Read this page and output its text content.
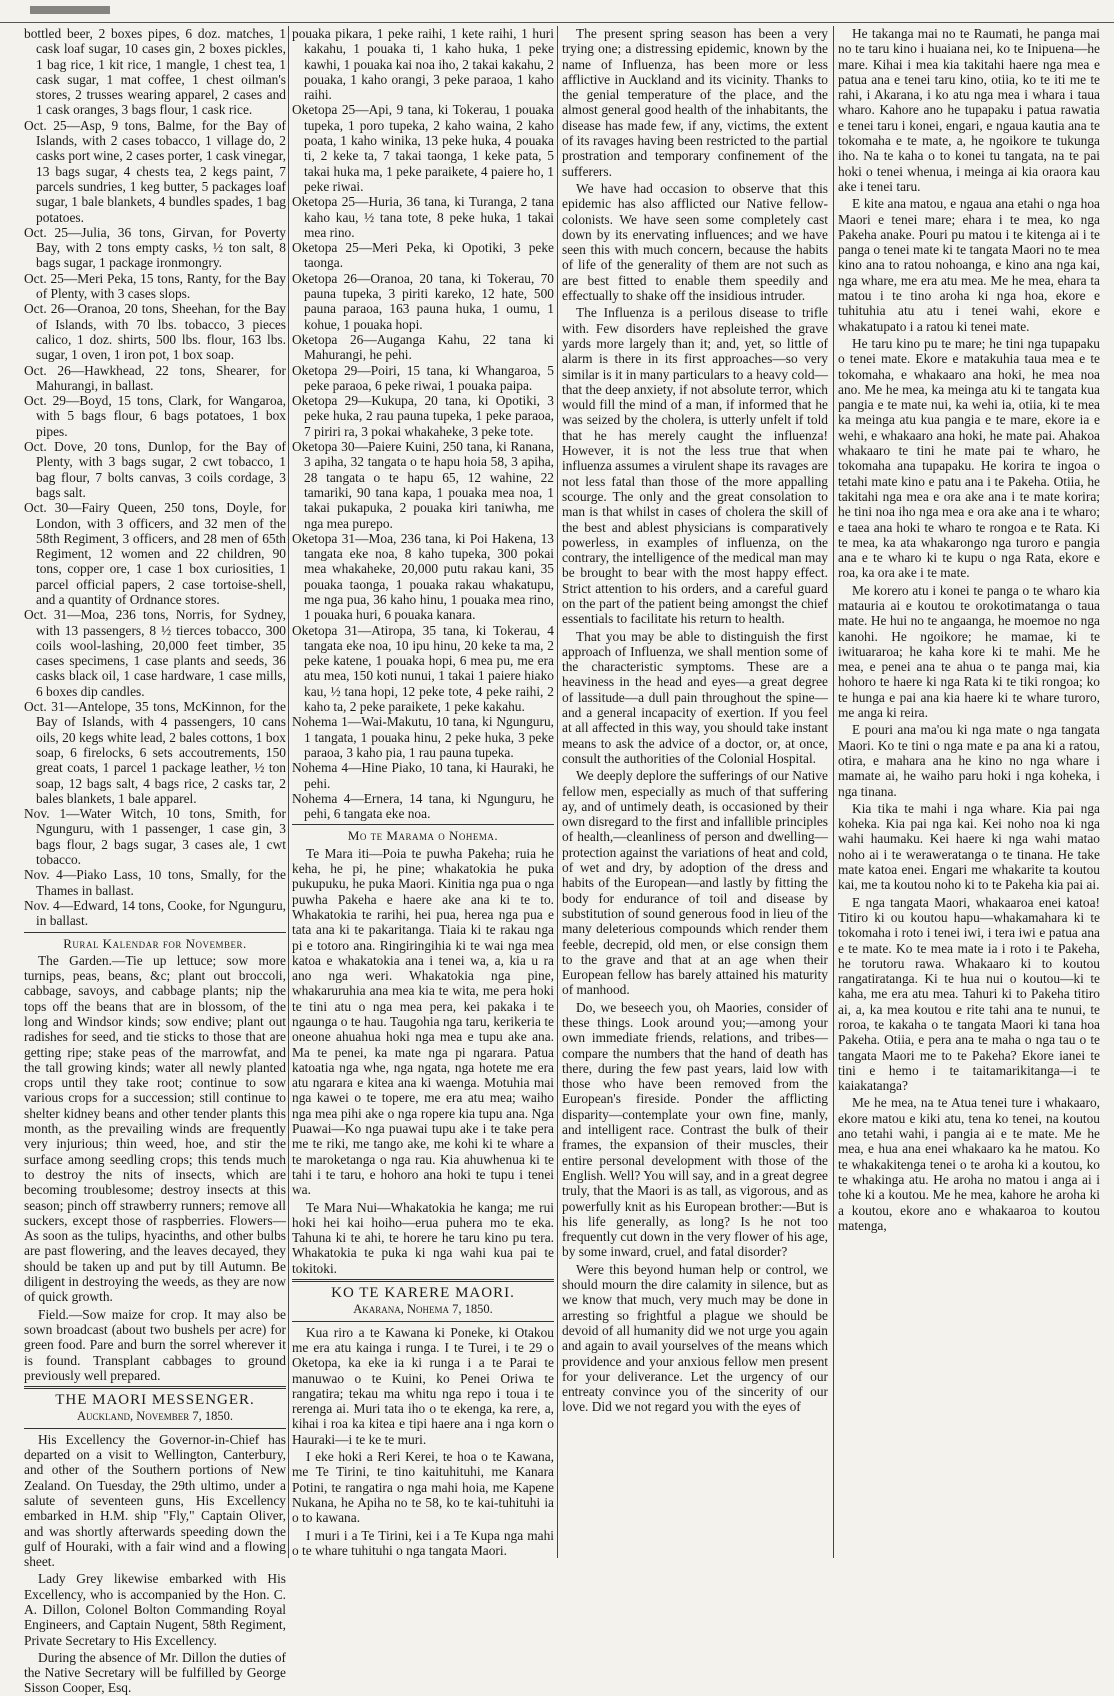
bottled beer, 2 boxes pipes, 6 doz. matches, 1 cask loaf sugar, 10 cases gin, 2 boxes pickles, 1 bag rice, 1 kit rice, 1 mangle, 1 chest tea, 1 cask sugar, 1 mat coffee, 1 chest oilman's stores, 2 trusses wearing apparel, 2 cases and 1 cask oranges, 3 bags flour, 1 cask rice.

Oct. 25—Asp, 9 tons, Balme, for the Bay of Islands, with 2 cases tobacco, 1 village do, 2 casks port wine, 2 cases porter, 1 cask vinegar, 13 bags sugar, 4 chests tea, 2 kegs paint, 7 parcels sundries, 1 keg butter, 5 packages loaf sugar, 1 bale blankets, 4 bundles spades, 1 bag potatoes.

Oct. 25—Julia, 36 tons, Girvan, for Poverty Bay, with 2 tons empty casks, ½ ton salt, 8 bags sugar, 1 package ironmongry.

Oct. 25—Meri Peka, 15 tons, Ranty, for the Bay of Plenty, with 3 cases slops.

Oct. 26—Oranoa, 20 tons, Sheehan, for the Bay of Islands, with 70 lbs. tobacco, 3 pieces calico, 1 doz. shirts, 500 lbs. flour, 163 lbs. sugar, 1 oven, 1 iron pot, 1 box soap.

Oct. 26—Hawkhead, 22 tons, Shearer, for Mahurangi, in ballast.

Oct. 29—Boyd, 15 tons, Clark, for Wangaroa, with 5 bags flour, 6 bags potatoes, 1 box pipes.

Oct. Dove, 20 tons, Dunlop, for the Bay of Plenty, with 3 bags sugar, 2 cwt tobacco, 1 bag flour, 7 bolts canvas, 3 coils cordage, 3 bags salt.

Oct. 30—Fairy Queen, 250 tons, Doyle, for London, with 3 officers, and 32 men of the 58th Regiment, 3 officers, and 28 men of 65th Regiment, 12 women and 22 children, 90 tons, copper ore, 1 case 1 box curiosities, 1 parcel official papers, 2 case tortoise-shell, and a quantity of Ordnance stores.

Oct. 31—Moa, 236 tons, Norris, for Sydney, with 13 passengers, 8 ½ tierces tobacco, 300 coils wool-lashing, 20,000 feet timber, 35 cases specimens, 1 case plants and seeds, 36 casks black oil, 1 case hardware, 1 case mills, 6 boxes dip candles.

Oct. 31—Antelope, 35 tons, McKinnon, for the Bay of Islands, with 4 passengers, 10 cans oils, 20 kegs white lead, 2 bales cottons, 1 box soap, 6 firelocks, 6 sets accoutrements, 150 great coats, 1 parcel 1 package leather, ½ ton soap, 12 bags salt, 4 bags rice, 2 casks tar, 2 bales blankets, 1 bale apparel.

Nov. 1—Water Witch, 10 tons, Smith, for Ngunguru, with 1 passenger, 1 case gin, 3 bags flour, 2 bags sugar, 3 cases ale, 1 cwt tobacco.

Nov. 4—Piako Lass, 10 tons, Smally, for the Thames in ballast.

Nov. 4—Edward, 14 tons, Cooke, for Ngunguru, in ballast.

Rural Kalendar for November.

The Garden.—Tie up lettuce; sow more turnips, peas, beans, &c; plant out broccoli, cabbage, savoys, and cabbage plants; nip the tops off the beans that are in blossom, of the long and Windsor kinds; sow endive; plant out radishes for seed, and tie sticks to those that are getting ripe; stake peas of the marrowfat, and the tall growing kinds; water all newly planted crops until they take root; continue to sow various crops for a succession; still continue to shelter kidney beans and other tender plants this month, as the prevailing winds are frequently very injurious; thin weed, hoe, and stir the surface among seedling crops; this tends much to destroy the nits of insects, which are becoming troublesome; destroy insects at this season; pinch off strawberry runners; remove all suckers, except those of raspberries. Flowers—As soon as the tulips, hyacinths, and other bulbs are past flowering, and the leaves decayed, they should be taken up and put by till Autumn. Be diligent in destroying the weeds, as they are now of quick growth.

Field.—Sow maize for crop. It may also be sown broadcast (about two bushels per acre) for green food. Pare and burn the sorrel wherever it is found. Transplant cabbages to ground previously well prepared.

THE MAORI MESSENGER.
Auckland, November 7, 1850.

His Excellency the Governor-in-Chief has departed on a visit to Wellington, Canterbury, and other of the Southern portions of New Zealand. On Tuesday, the 29th ultimo, under a salute of seventeen guns, His Excellency embarked in H.M. ship "Fly," Captain Oliver, and was shortly afterwards speeding down the gulf of Houraki, with a fair wind and a flowing sheet.

Lady Grey likewise embarked with His Excellency, who is accompanied by the Hon. C. A. Dillon, Colonel Bolton Commanding Royal Engineers, and Captain Nugent, 58th Regiment, Private Secretary to His Excellency.

During the absence of Mr. Dillon the duties of the Native Secretary will be fulfilled by George Sisson Cooper, Esq.

pouaka pikara, 1 peke raihi, 1 kete raihi, 1 huri kakahu, 1 pouaka ti, 1 kaho huka, 1 peke kawhi, 1 pouaka kai noa iho, 2 takai kakahu, 2 pouaka, 1 kaho orangi, 3 peke paraoa, 1 kaho raihi.

Oketopa 25—Api, 9 tana, ki Tokerau, 1 pouaka tupeka, 1 poro tupeka, 2 kaho waina, 2 kaho poata, 1 kaho winika, 13 peke huka, 4 pouaka ti, 2 keke ta, 7 takai taonga, 1 keke pata, 5 takai huka ma, 1 peke paraikete, 4 paiere ho, 1 peke riwai.

Oketopa 25—Huria, 36 tana, ki Turanga, 2 tana kaho kau, ½ tana tote, 8 peke huka, 1 takai mea rino.

Oketopa 25—Meri Peka, ki Opotiki, 3 peke taonga.

Oketopa 26—Oranoa, 20 tana, ki Tokerau, 70 pauna tupeka, 3 piriti kareko, 12 hate, 500 pauna paraoa, 163 pauna huka, 1 oumu, 1 kohue, 1 pouaka hopi.

Oketopa 26—Auganga Kahu, 22 tana ki Mahurangi, he pehi.

Oketopa 29—Poiri, 15 tana, ki Whangaroa, 5 peke paraoa, 6 peke riwai, 1 pouaka paipa.

Oketopa 29—Kukupa, 20 tana, ki Opotiki, 3 peke huka, 2 rau pauna tupeka, 1 peke paraoa, 7 piriri ra, 3 pokai whakaheke, 3 peke tote.

Oketopa 30—Paiere Kuini, 250 tana, ki Ranana, 3 apiha, 32 tangata o te hapu hoia 58, 3 apiha, 28 tangata o te hapu 65, 12 wahine, 22 tamariki, 90 tana kapa, 1 pouaka mea noa, 1 takai pukapuka, 2 pouaka kiri taniwha, me nga mea purepo.

Oketopa 31—Moa, 236 tana, ki Poi Hakena, 13 tangata eke noa, 8 kaho tupeka, 300 pokai mea whakaheke, 20,000 putu rakau kani, 35 pouaka taonga, 1 pouaka rakau whakatupu, me nga pua, 36 kaho hinu, 1 pouaka mea rino, 1 pouaka huri, 6 pouaka kanara.

Oketopa 31—Atiropa, 35 tana, ki Tokerau, 4 tangata eke noa, 10 ipu hinu, 20 keke ta ma, 2 peke katene, 1 pouaka hopi, 6 mea pu, me era atu mea, 150 koti nunui, 1 takai 1 paiere hiako kau, ½ tana hopi, 12 peke tote, 4 peke raihi, 2 kaho ta, 2 peke paraikete, 1 peke kakahu.

Nohema 1—Wai-Makutu, 10 tana, ki Ngunguru, 1 tangata, 1 pouaka hinu, 2 peke huka, 3 peke paraoa, 3 kaho pia, 1 rau pauna tupeka.

Nohema 4—Hine Piako, 10 tana, ki Hauraki, he pehi.

Nohema 4—Ernera, 14 tana, ki Ngunguru, he pehi, 6 tangata eke noa.

Mo te Marama o Nohema.

Te Mara iti—Poia te puwha Pakeha; ruia he keha, he pi, he pine; whakatokia he puka pukupuku, he puka Maori. Kinitia nga pua o nga puwha Pakeha e haere ake ana ki te to. Whakatokia te rarihi, hei pua, herea nga pua e tata ana ki te pakaritanga. Tiaia ki te rakau nga pi e totoro ana. Ringiringihia ki te wai nga mea katoa e whakatokia ana i tenei wa, a, kia u ra ano nga weri. Whakatokia nga pine, whakaruruhia ana mea kia te wita, me pera hoki te tini atu o nga mea pera, kei pakaka i te ngaunga o te hau. Taugohia nga taru, kerikeria te oneone ahuahua hoki nga mea e tupu ake ana. Ma te penei, ka mate nga pi ngarara. Patua katoatia nga whe, nga ngata, nga hotete me era atu ngarara e kitea ana ki waenga. Motuhia mai nga kawei o te topere, me era atu mea; waiho nga mea pihi ake o nga ropere kia tupu ana. Nga Puawai—Ko nga puawai tupu ake i te take pera me te riki, me tango ake, me kohi ki te whare a te maroketanga o nga rau. Kia ahuwhenua ki te tahi i te taru, e hohoro ana hoki te tupu i tenei wa.

Te Mara Nui—Whakatokia he kanga; me rui hoki hei kai hoiho—erua puhera mo te eka. Tahuna ki te ahi, te horere he taru kino pu tera. Whakatokia te puka ki nga wahi kua pai te tokitoki.

KO TE KARERE MAORI.
Akarana, Nohema 7, 1850.

Kua riro a te Kawana ki Poneke, ki Otakou me era atu kainga i runga. I te Turei, i te 29 o Oketopa, ka eke ia ki runga i a te Parai te manuwao o te Kuini, ko Penei Oriwa te rangatira; tekau ma whitu nga repo i toua i te rerenga ai. Muri tata iho o te ekenga, ka rere, a, kihai i roa ka kitea e tipi haere ana i nga korn o Hauraki—i te ke te muri.

I eke hoki a Reri Kerei, te hoa o te Kawana, me Te Tirini, te tino kaituhituhi, me Kanara Potini, te rangatira o nga mahi hoia, me Kapene Nukana, he Apiha no te 58, ko te kai-tuhituhi ia o to kawana.

I muri i a Te Tirini, kei i a Te Kupa nga mahi o te whare tuhituhi o nga tangata Maori.

The present spring season has been a very trying one; a distressing epidemic, known by the name of Influenza, has been more or less afflictive in Auckland and its vicinity. Thanks to the genial temperature of the place, and the almost general good health of the inhabitants, the disease has made few, if any, victims, the extent of its ravages having been restricted to the partial prostration and temporary confinement of the sufferers.

We have had occasion to observe that this epidemic has also afflicted our Native fellow-colonists. We have seen some completely cast down by its enervating influences; and we have seen this with much concern, because the habits of life of the generality of them are not such as are best fitted to enable them speedily and effectually to shake off the insidious intruder.

The Influenza is a perilous disease to trifle with. Few disorders have repleished the grave yards more largely than it; and, yet, so little of alarm is there in its first approaches—so very similar is it in many particulars to a heavy cold—that the deep anxiety, if not absolute terror, which would fill the mind of a man, if informed that he was seized by the cholera, is utterly unfelt if told that he has merely caught the influenza! However, it is not the less true that when influenza assumes a virulent shape its ravages are not less fatal than those of the more appalling scourge. The only and the great consolation to man is that whilst in cases of cholera the skill of the best and ablest physicians is comparatively powerless, in examples of influenza, on the contrary, the intelligence of the medical man may be brought to bear with the most happy effect. Strict attention to his orders, and a careful guard on the part of the patient being amongst the chief essentials to facilitate his return to health.

That you may be able to distinguish the first approach of Influenza, we shall mention some of the characteristic symptoms. These are a heaviness in the head and eyes—a great degree of lassitude—a dull pain throughout the spine—and a general incapacity of exertion. If you feel at all affected in this way, you should take instant means to ask the advice of a doctor, or, at once, consult the authorities of the Colonial Hospital.

We deeply deplore the sufferings of our Native fellow men, especially as much of that suffering ay, and of untimely death, is occasioned by their own disregard to the first and infallible principles of health,—cleanliness of person and dwelling—protection against the variations of heat and cold, of wet and dry, by adoption of the dress and habits of the European—and lastly by fitting the body for endurance of toil and disease by substitution of sound generous food in lieu of the many deleterious compounds which render them feeble, decrepid, old men, or else consign them to the grave and that at an age when their European fellow has barely attained his maturity of manhood.

Do, we beseech you, oh Maories, consider of these things. Look around you;—among your own immediate friends, relations, and tribes—compare the numbers that the hand of death has there, during the few past years, laid low with those who have been removed from the European's fireside. Ponder the afflicting disparity—contemplate your own fine, manly, and intelligent race. Contrast the bulk of their frames, the expansion of their muscles, their entire personal development with those of the English. Well? You will say, and in a great degree truly, that the Maori is as tall, as vigorous, and as powerfully knit as his European brother:—But is his life generally, as long? Is he not too frequently cut down in the very flower of his age, by some inward, cruel, and fatal disorder?

Were this beyond human help or control, we should mourn the dire calamity in silence, but as we know that much, very much may be done in arresting so frightful a plague we should be devoid of all humanity did we not urge you again and again to avail yourselves of the means which providence and your anxious fellow men present for your deliverance. Let the urgency of our entreaty convince you of the sincerity of our love. Did we not regard you with the eyes of

He takanga mai no te Raumati, he panga mai no te taru kino i huaiana nei, ko te Inipuena—he mare. Kihai i mea kia takitahi haere nga mea e patua ana e tenei taru kino, otiia, ko te iti me te rahi, i Akarana, i ko atu nga mea i whara i taua wharo. Kahore ano he tupapaku i patua rawatia e tenei taru i konei, engari, e ngaua kautia ana te tokomaha e te mate, a, he ngoikore te tukunga iho. Na te kaha o to konei tu tangata, na te pai hoki o tenei whenua, i meinga ai kia oraora kau ake i tenei taru.

E kite ana matou, e ngaua ana etahi o nga hoa Maori e tenei mare; ehara i te mea, ko nga Pakeha anake. Pouri pu matou i te kitenga ai i te panga o tenei mate ki te tangata Maori no te mea kino ana to ratou nohoanga, e kino ana nga kai, nga whare, me era atu mea. Me he mea, ehara ta matou i te tino aroha ki nga hoa, ekore e tuhituhia atu atu i tenei wahi, ekore e whakatupato i a ratou ki tenei mate.

He taru kino pu te mare; he tini nga tupapaku o tenei mate. Ekore e matakuhia taua mea e te tokomaha, e whakaaro ana hoki, he mea noa ano. Me he mea, ka meinga atu ki te tangata kua pangia e te mate nui, ka wehi ia, otiia, ki te mea ka meinga atu kua pangia e te mare, ekore ia e wehi, e whakaaro ana hoki, he mate pai. Ahakoa whakaaro te tini he mate pai te wharo, he tokomaha ana tupapaku. He korira te ingoa o tetahi mate kino e patu ana i te Pakeha. Otiia, he takitahi nga mea e ora ake ana i te mate korira; he tini noa iho nga mea e ora ake ana i te wharo; e taea ana hoki te wharo te rongoa e te Rata. Ki te mea, ka ata whakarongo nga turoro e pangia ana e te wharo ki te kupu o nga Rata, ekore e roa, ka ora ake i te mate.

Me korero atu i konei te panga o te wharo kia matauria ai e koutou te orokotimatanga o taua mate. He hui no te angaanga, he moemoe no nga kanohi. He ngoikore; he mamae, ki te iwituararoa; he kaha kore ki te mahi. Me he mea, e penei ana te ahua o te panga mai, kia hohoro te haere ki nga Rata ki te tiki rongoa; ko te hunga e pai ana kia haere ki te whare turoro, me anga ki reira.

E pouri ana ma'ou ki nga mate o nga tangata Maori. Ko te tini o nga mate e pa ana ki a ratou, otira, e mahara ana he kino no nga whare i mamate ai, he waiho paru hoki i nga koheka, i nga tinana.

Kia tika te mahi i nga whare. Kia pai nga koheka. Kia pai nga kai. Kei noho noa ki nga wahi haumaku. Kei haere ki nga wahi matao noho ai i te weraweratanga o te tinana. He take mate katoa enei. Engari me whakarite ta koutou kai, me ta koutou noho ki to te Pakeha kia pai ai.

E nga tangata Maori, whakaaroa enei katoa! Titiro ki ou koutou hapu—whakamahara ki te tokomaha i roto i tenei iwi, i tera iwi e patua ana e te mate. Ko te mea mate ia i roto i te Pakeha, he torutoru rawa. Whakaaro ki to koutou rangatiratanga. Ki te hua nui o koutou—ki te kaha, me era atu mea. Tahuri ki to Pakeha titiro ai, a, ka mea koutou e rite tahi ana te nunui, te roroa, te kakaha o te tangata Maori ki tana hoa Pakeha. Otiia, e pera ana te maha o nga tau o te tangata Maori me to te Pakeha? Ekore ianei te tini e hemo i te taitamarikitanga—i te kaiakatanga?

Me he mea, na te Atua tenei ture i whakaaro, ekore matou e kiki atu, tena ko tenei, na koutou ano tetahi wahi, i pangia ai e te mate. Me he mea, e hua ana enei whakaaro ka he matou. Ko te whakakitenga tenei o te aroha ki a koutou, ko te whakinga atu. He aroha no matou i anga ai i tohe ki a koutou. Me he mea, kahore he aroha ki a koutou, ekore ano e whakaaroa to koutou matenga,
